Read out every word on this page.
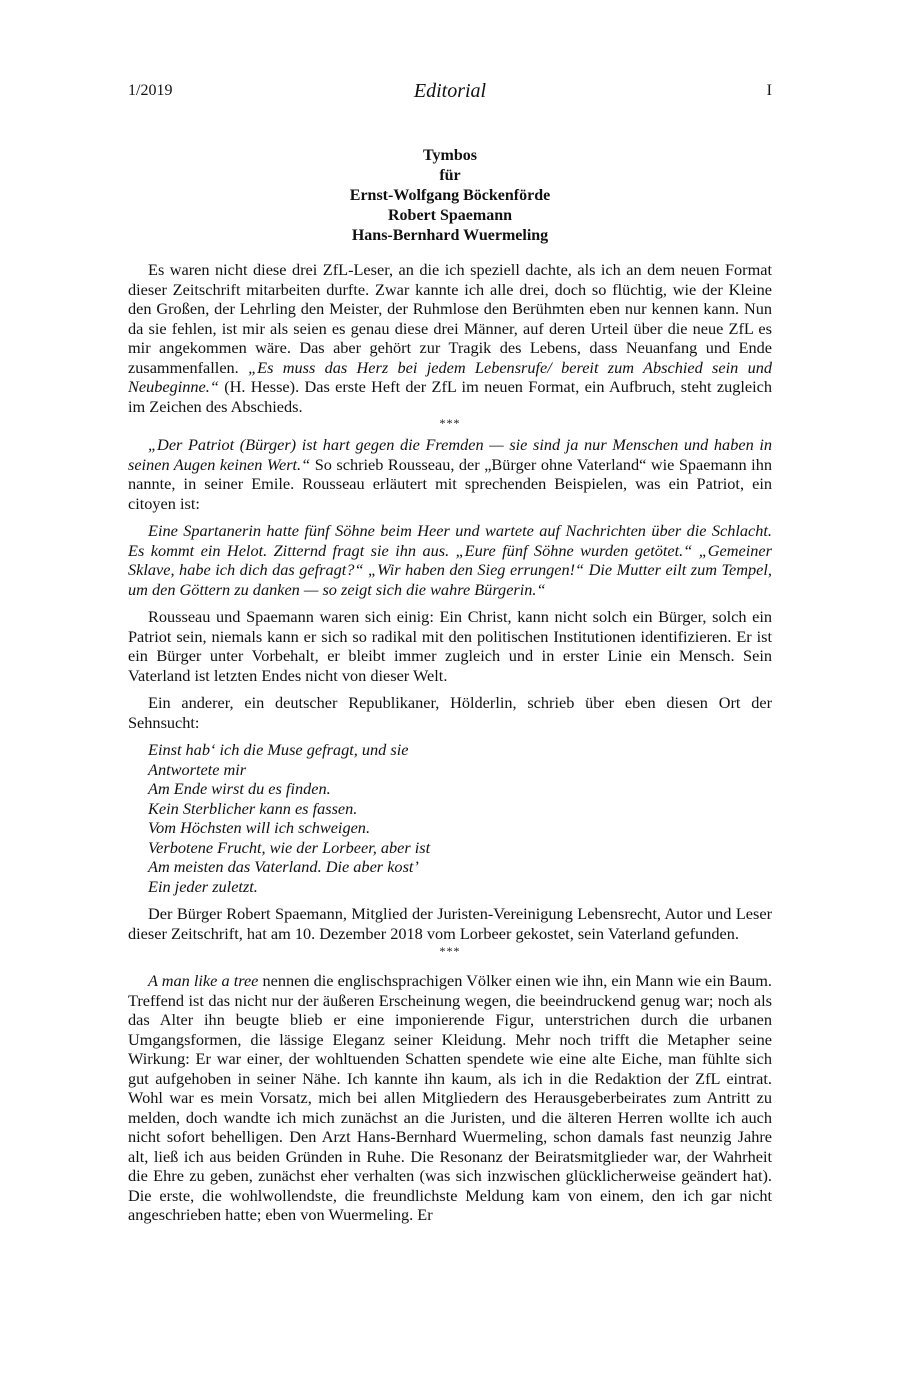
1/2019	Editorial	I
Tymbos
für
Ernst-Wolfgang Böckenförde
Robert Spaemann
Hans-Bernhard Wuermeling

Es waren nicht diese drei ZfL-Leser, an die ich speziell dachte, als ich an dem neuen Format dieser Zeitschrift mitarbeiten durfte. Zwar kannte ich alle drei, doch so flüchtig, wie der Kleine den Großen, der Lehrling den Meister, der Ruhmlose den Berühmten eben nur kennen kann. Nun da sie fehlen, ist mir als seien es genau diese drei Männer, auf deren Urteil über die neue ZfL es mir angekommen wäre. Das aber gehört zur Tragik des Lebens, dass Neuanfang und Ende zusammenfallen. „Es muss das Herz bei jedem Lebensrufe/ bereit zum Abschied sein und Neubeginne.“ (H. Hesse). Das erste Heft der ZfL im neuen Format, ein Aufbruch, steht zugleich im Zeichen des Abschieds.

***

„Der Patriot (Bürger) ist hart gegen die Fremden — sie sind ja nur Menschen und haben in seinen Augen keinen Wert.“ So schrieb Rousseau, der „Bürger ohne Vaterland“ wie Spaemann ihn nannte, in seiner Emile. Rousseau erläutert mit sprechenden Beispielen, was ein Patriot, ein citoyen ist:

Eine Spartanerin hatte fünf Söhne beim Heer und wartete auf Nachrichten über die Schlacht. Es kommt ein Helot. Zitternd fragt sie ihn aus. „Eure fünf Söhne wurden getötet.“ „Gemeiner Sklave, habe ich dich das gefragt?“ „Wir haben den Sieg errungen!“ Die Mutter eilt zum Tempel, um den Göttern zu danken — so zeigt sich die wahre Bürgerin.“

Rousseau und Spaemann waren sich einig: Ein Christ, kann nicht solch ein Bürger, solch ein Patriot sein, niemals kann er sich so radikal mit den politischen Institutionen identifizieren. Er ist ein Bürger unter Vorbehalt, er bleibt immer zugleich und in erster Linie ein Mensch. Sein Vaterland ist letzten Endes nicht von dieser Welt.

Ein anderer, ein deutscher Republikaner, Hölderlin, schrieb über eben diesen Ort der Sehnsucht:

Einst hab‘ ich die Muse gefragt, und sie
Antwortete mir
Am Ende wirst du es finden.
Kein Sterblicher kann es fassen.
Vom Höchsten will ich schweigen.
Verbotene Frucht, wie der Lorbeer, aber ist
Am meisten das Vaterland. Die aber kost’
Ein jeder zuletzt.

Der Bürger Robert Spaemann, Mitglied der Juristen-Vereinigung Lebensrecht, Autor und Leser dieser Zeitschrift, hat am 10. Dezember 2018 vom Lorbeer gekostet, sein Vaterland gefunden.

***

A man like a tree nennen die englischsprachigen Völker einen wie ihn, ein Mann wie ein Baum. Treffend ist das nicht nur der äußeren Erscheinung wegen, die beeindruckend genug war; noch als das Alter ihn beugte blieb er eine imponierende Figur, unterstrichen durch die urbanen Umgangsformen, die lässige Eleganz seiner Kleidung. Mehr noch trifft die Metapher seine Wirkung: Er war einer, der wohltuenden Schatten spendete wie eine alte Eiche, man fühlte sich gut aufgehoben in seiner Nähe. Ich kannte ihn kaum, als ich in die Redaktion der ZfL eintrat. Wohl war es mein Vorsatz, mich bei allen Mitgliedern des Herausgeberbeirates zum Antritt zu melden, doch wandte ich mich zunächst an die Juristen, und die älteren Herren wollte ich auch nicht sofort behelligen. Den Arzt Hans-Bernhard Wuermeling, schon damals fast neunzig Jahre alt, ließ ich aus beiden Gründen in Ruhe. Die Resonanz der Beiratsmitglieder war, der Wahrheit die Ehre zu geben, zunächst eher verhalten (was sich inzwischen glücklicherweise geändert hat). Die erste, die wohlwollendste, die freundlichste Meldung kam von einem, den ich gar nicht angeschrieben hatte; eben von Wuermeling. Er
